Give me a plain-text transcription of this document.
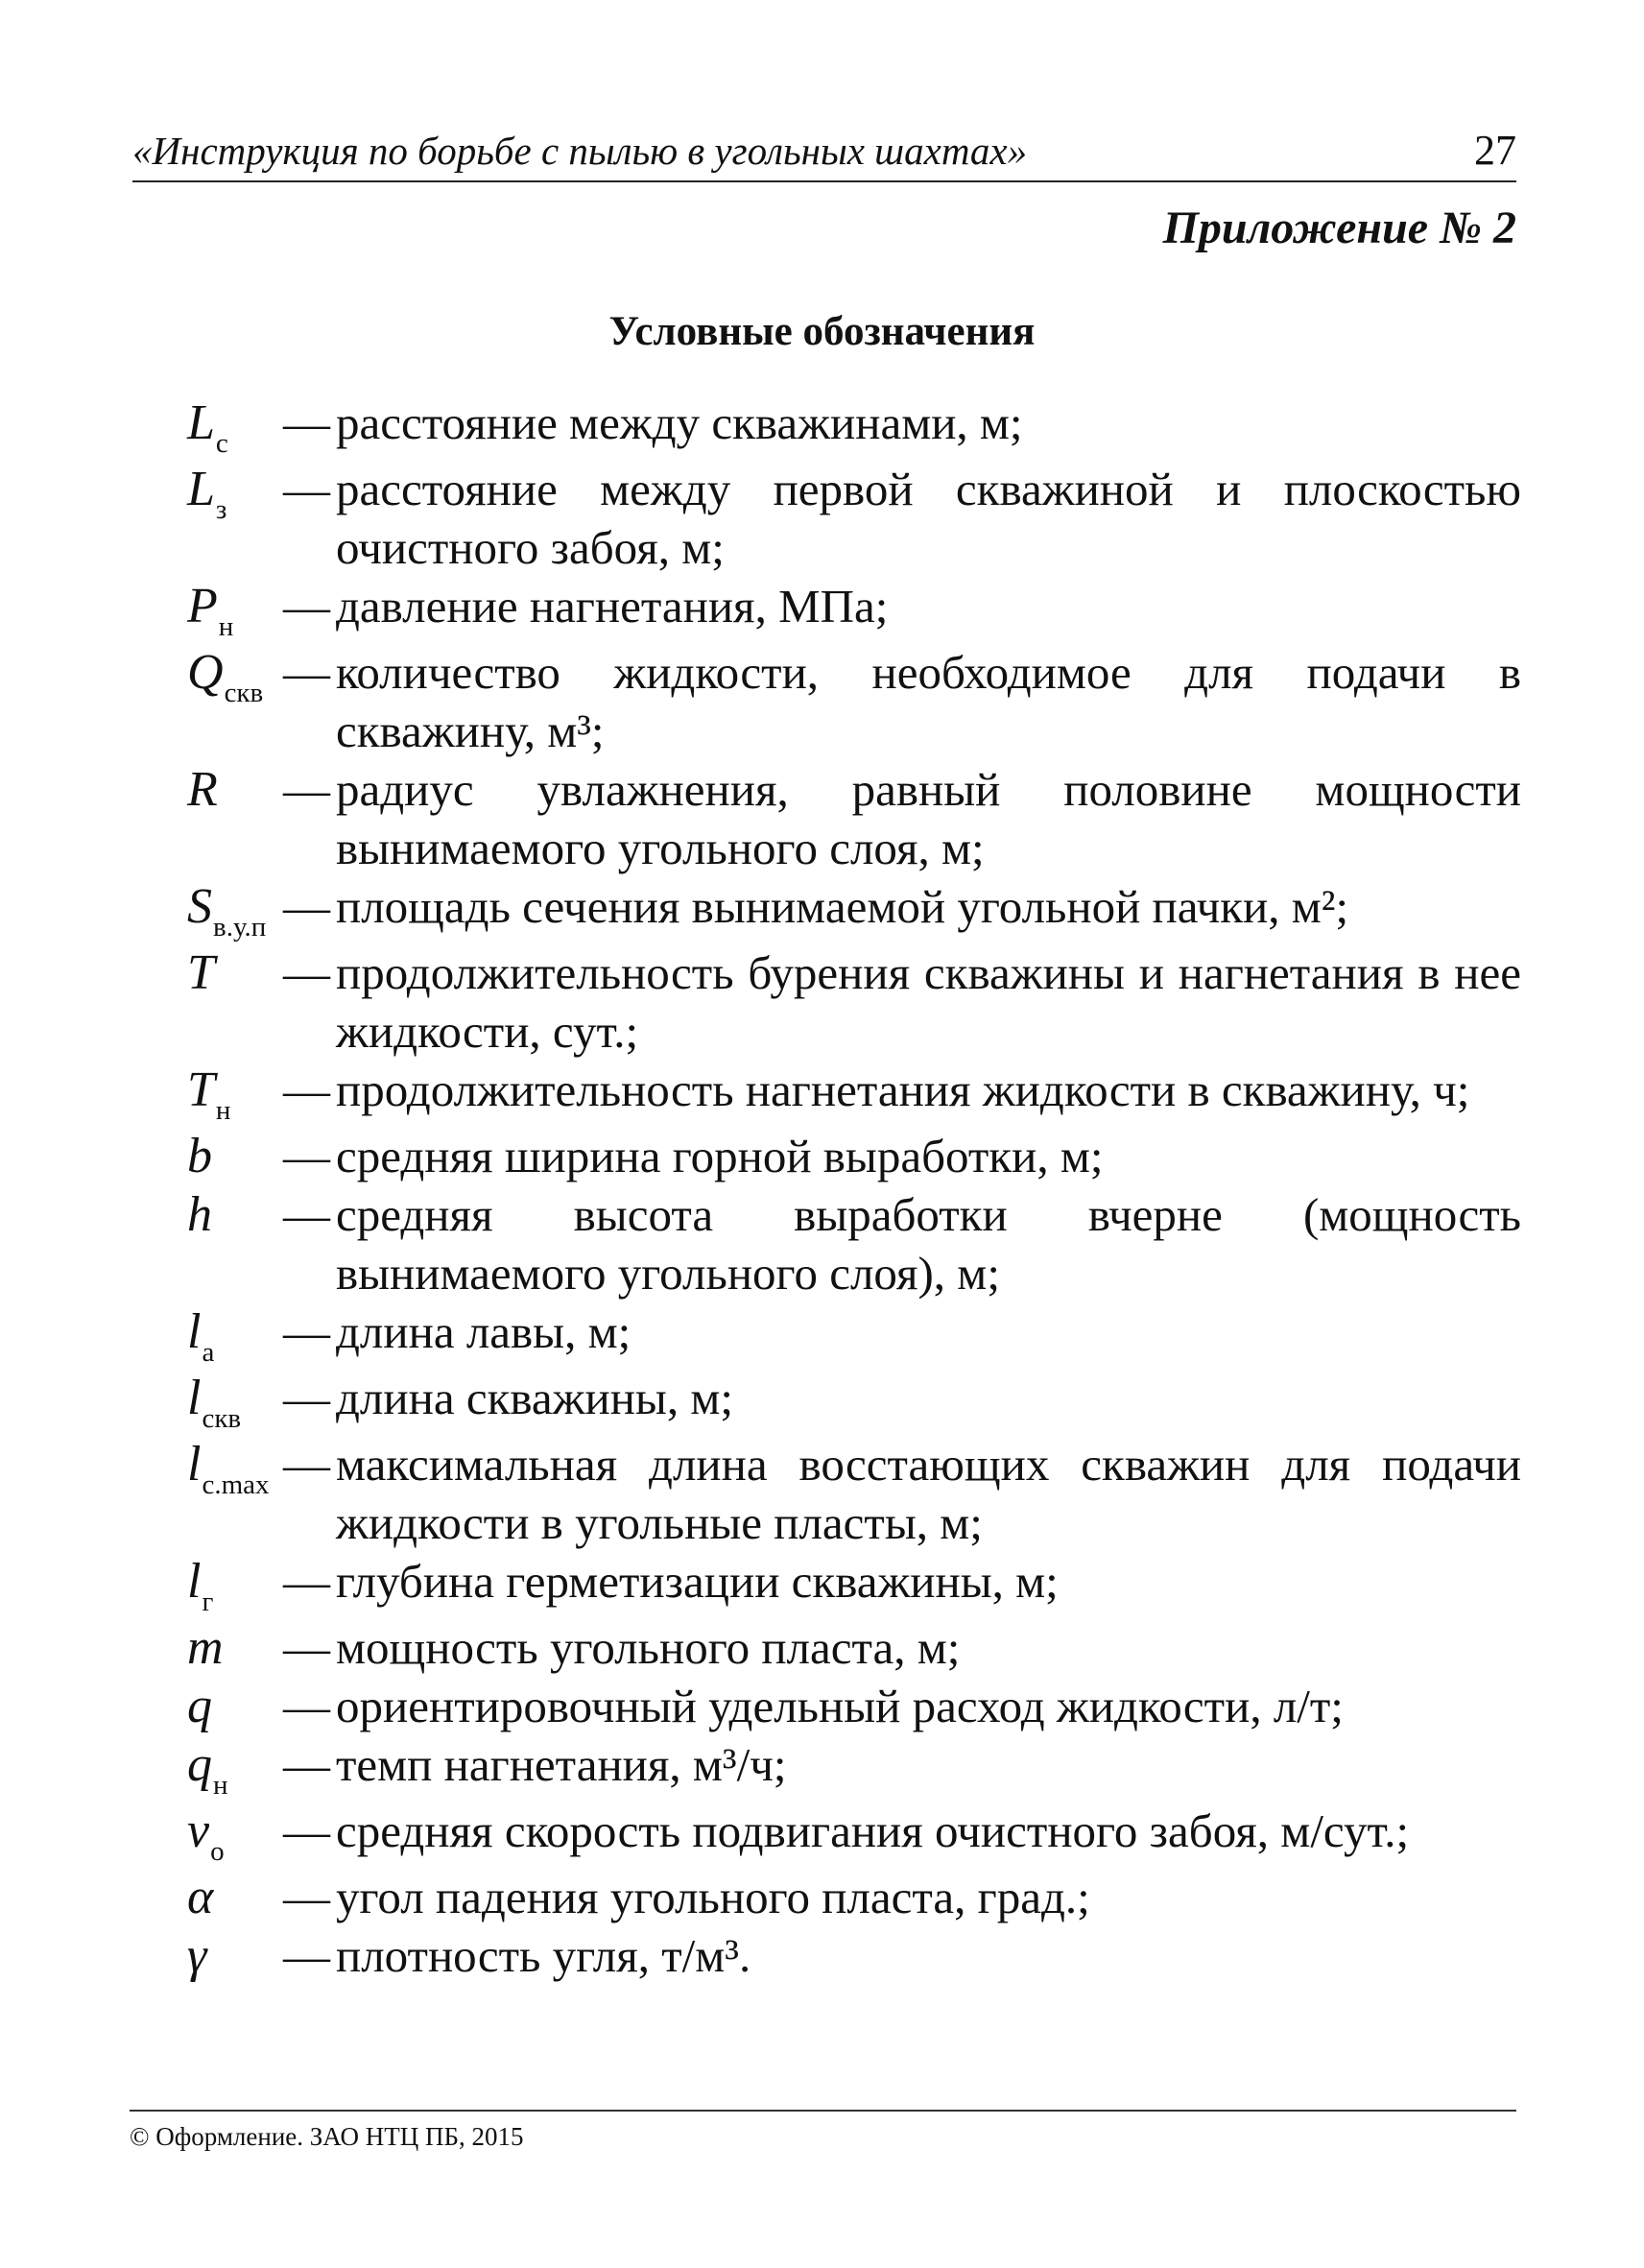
«Инструкция по борьбе с пылью в угольных шахтах»	27
Приложение № 2
Условные обозначения
$L_с$	— расстояние между скважинами, м;
$L_з$	— расстояние между первой скважиной и плоскостью очистного забоя, м;
$P_н$	— давление нагнетания, МПа;
$Q_{скв}$ — количество жидкости, необходимое для подачи в скважину, м³;
R	— радиус увлажнения, равный половине мощности вынимаемого угольного слоя, м;
$S_{в.у.п}$ — площадь сечения вынимаемой угольной пачки, м²;
T	— продолжительность бурения скважины и нагнетания в нее жидкости, сут.;
$T_н$	— продолжительность нагнетания жидкости в скважину, ч;
b	— средняя ширина горной выработки, м;
h	— средняя высота выработки вчерне (мощность вынимаемого угольного слоя), м;
$l_а$	— длина лавы, м;
$l_{скв}$ — длина скважины, м;
$l_{c.max}$ — максимальная длина восстающих скважин для подачи жидкости в угольные пласты, м;
$l_г$	— глубина герметизации скважины, м;
m	— мощность угольного пласта, м;
q	— ориентировочный удельный расход жидкости, л/т;
$q_н$	— темп нагнетания, м³/ч;
$v_о$	— средняя скорость подвигания очистного забоя, м/сут.;
α	— угол падения угольного пласта, град.;
γ	— плотность угля, т/м³.
© Оформление. ЗАО НТЦ ПБ, 2015
